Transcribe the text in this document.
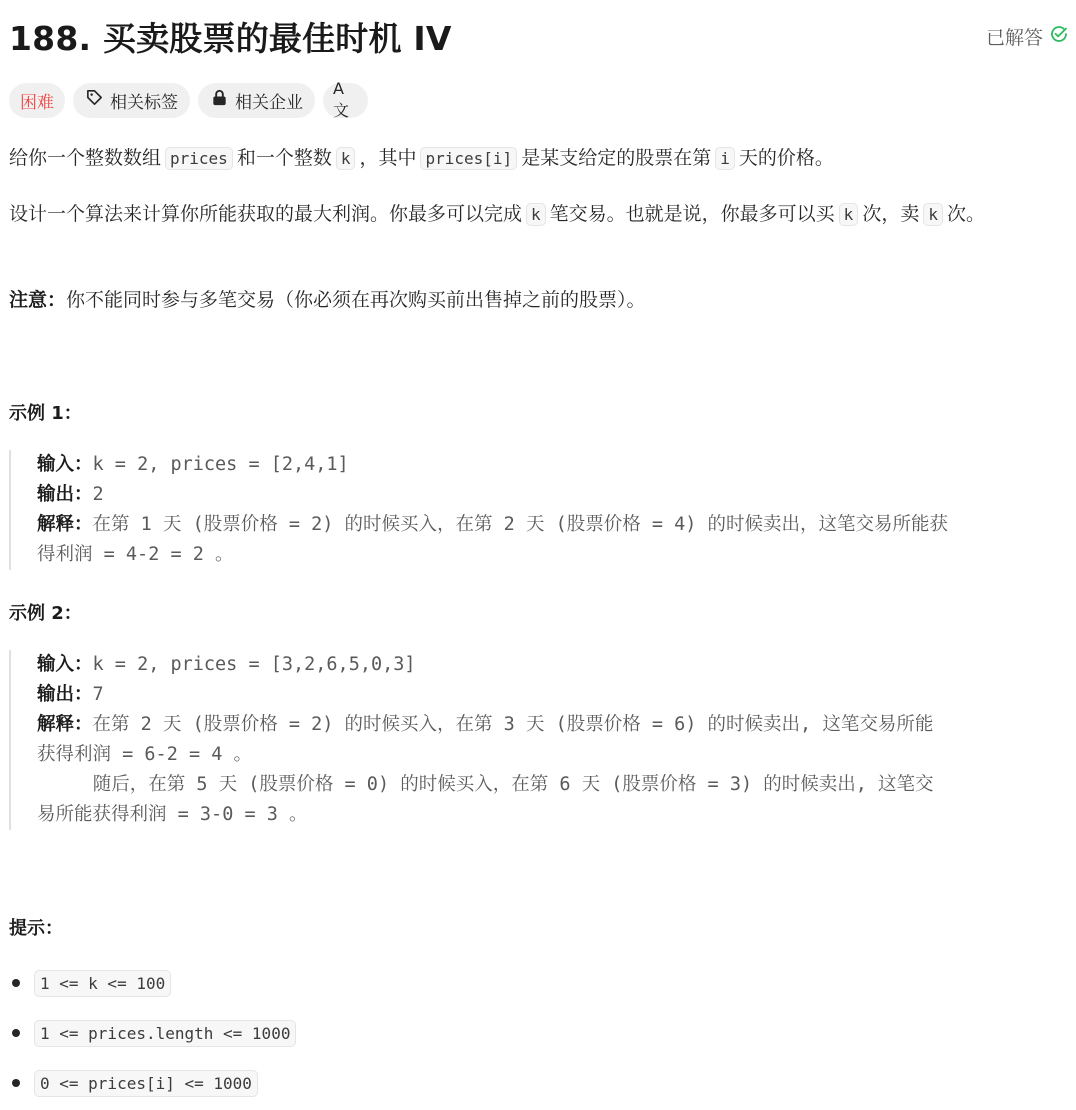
188. 买卖股票的最佳时机 IV	已解答
困难	相关标签	相关企业
A文
给你一个整数数组 prices 和一个整数 k ，其中 prices[i] 是某支给定的股票在第 i 天的价格。
设计一个算法来计算你所能获取的最大利润。你最多可以完成 k 笔交易。也就是说，你最多可以买 k 次，卖 k 次。
注意：你不能同时参与多笔交易（你必须在再次购买前出售掉之前的股票）。
示例 1：
输入：k = 2, prices = [2,4,1]
输出：2
解释：在第 1 天 (股票价格 = 2) 的时候买入，在第 2 天 (股票价格 = 4) 的时候卖出，这笔交易所能获
得利润 = 4-2 = 2 。
示例 2：
输入：k = 2, prices = [3,2,6,5,0,3]
输出：7
解释：在第 2 天 (股票价格 = 2) 的时候买入，在第 3 天 (股票价格 = 6) 的时候卖出, 这笔交易所能
获得利润 = 6-2 = 4 。
随后，在第 5 天 (股票价格 = 0) 的时候买入，在第 6 天 (股票价格 = 3) 的时候卖出, 这笔交
易所能获得利润 = 3-0 = 3 。
提示：
1 <= k <= 100
1 <= prices.length <= 1000
0 <= prices[i] <= 1000
